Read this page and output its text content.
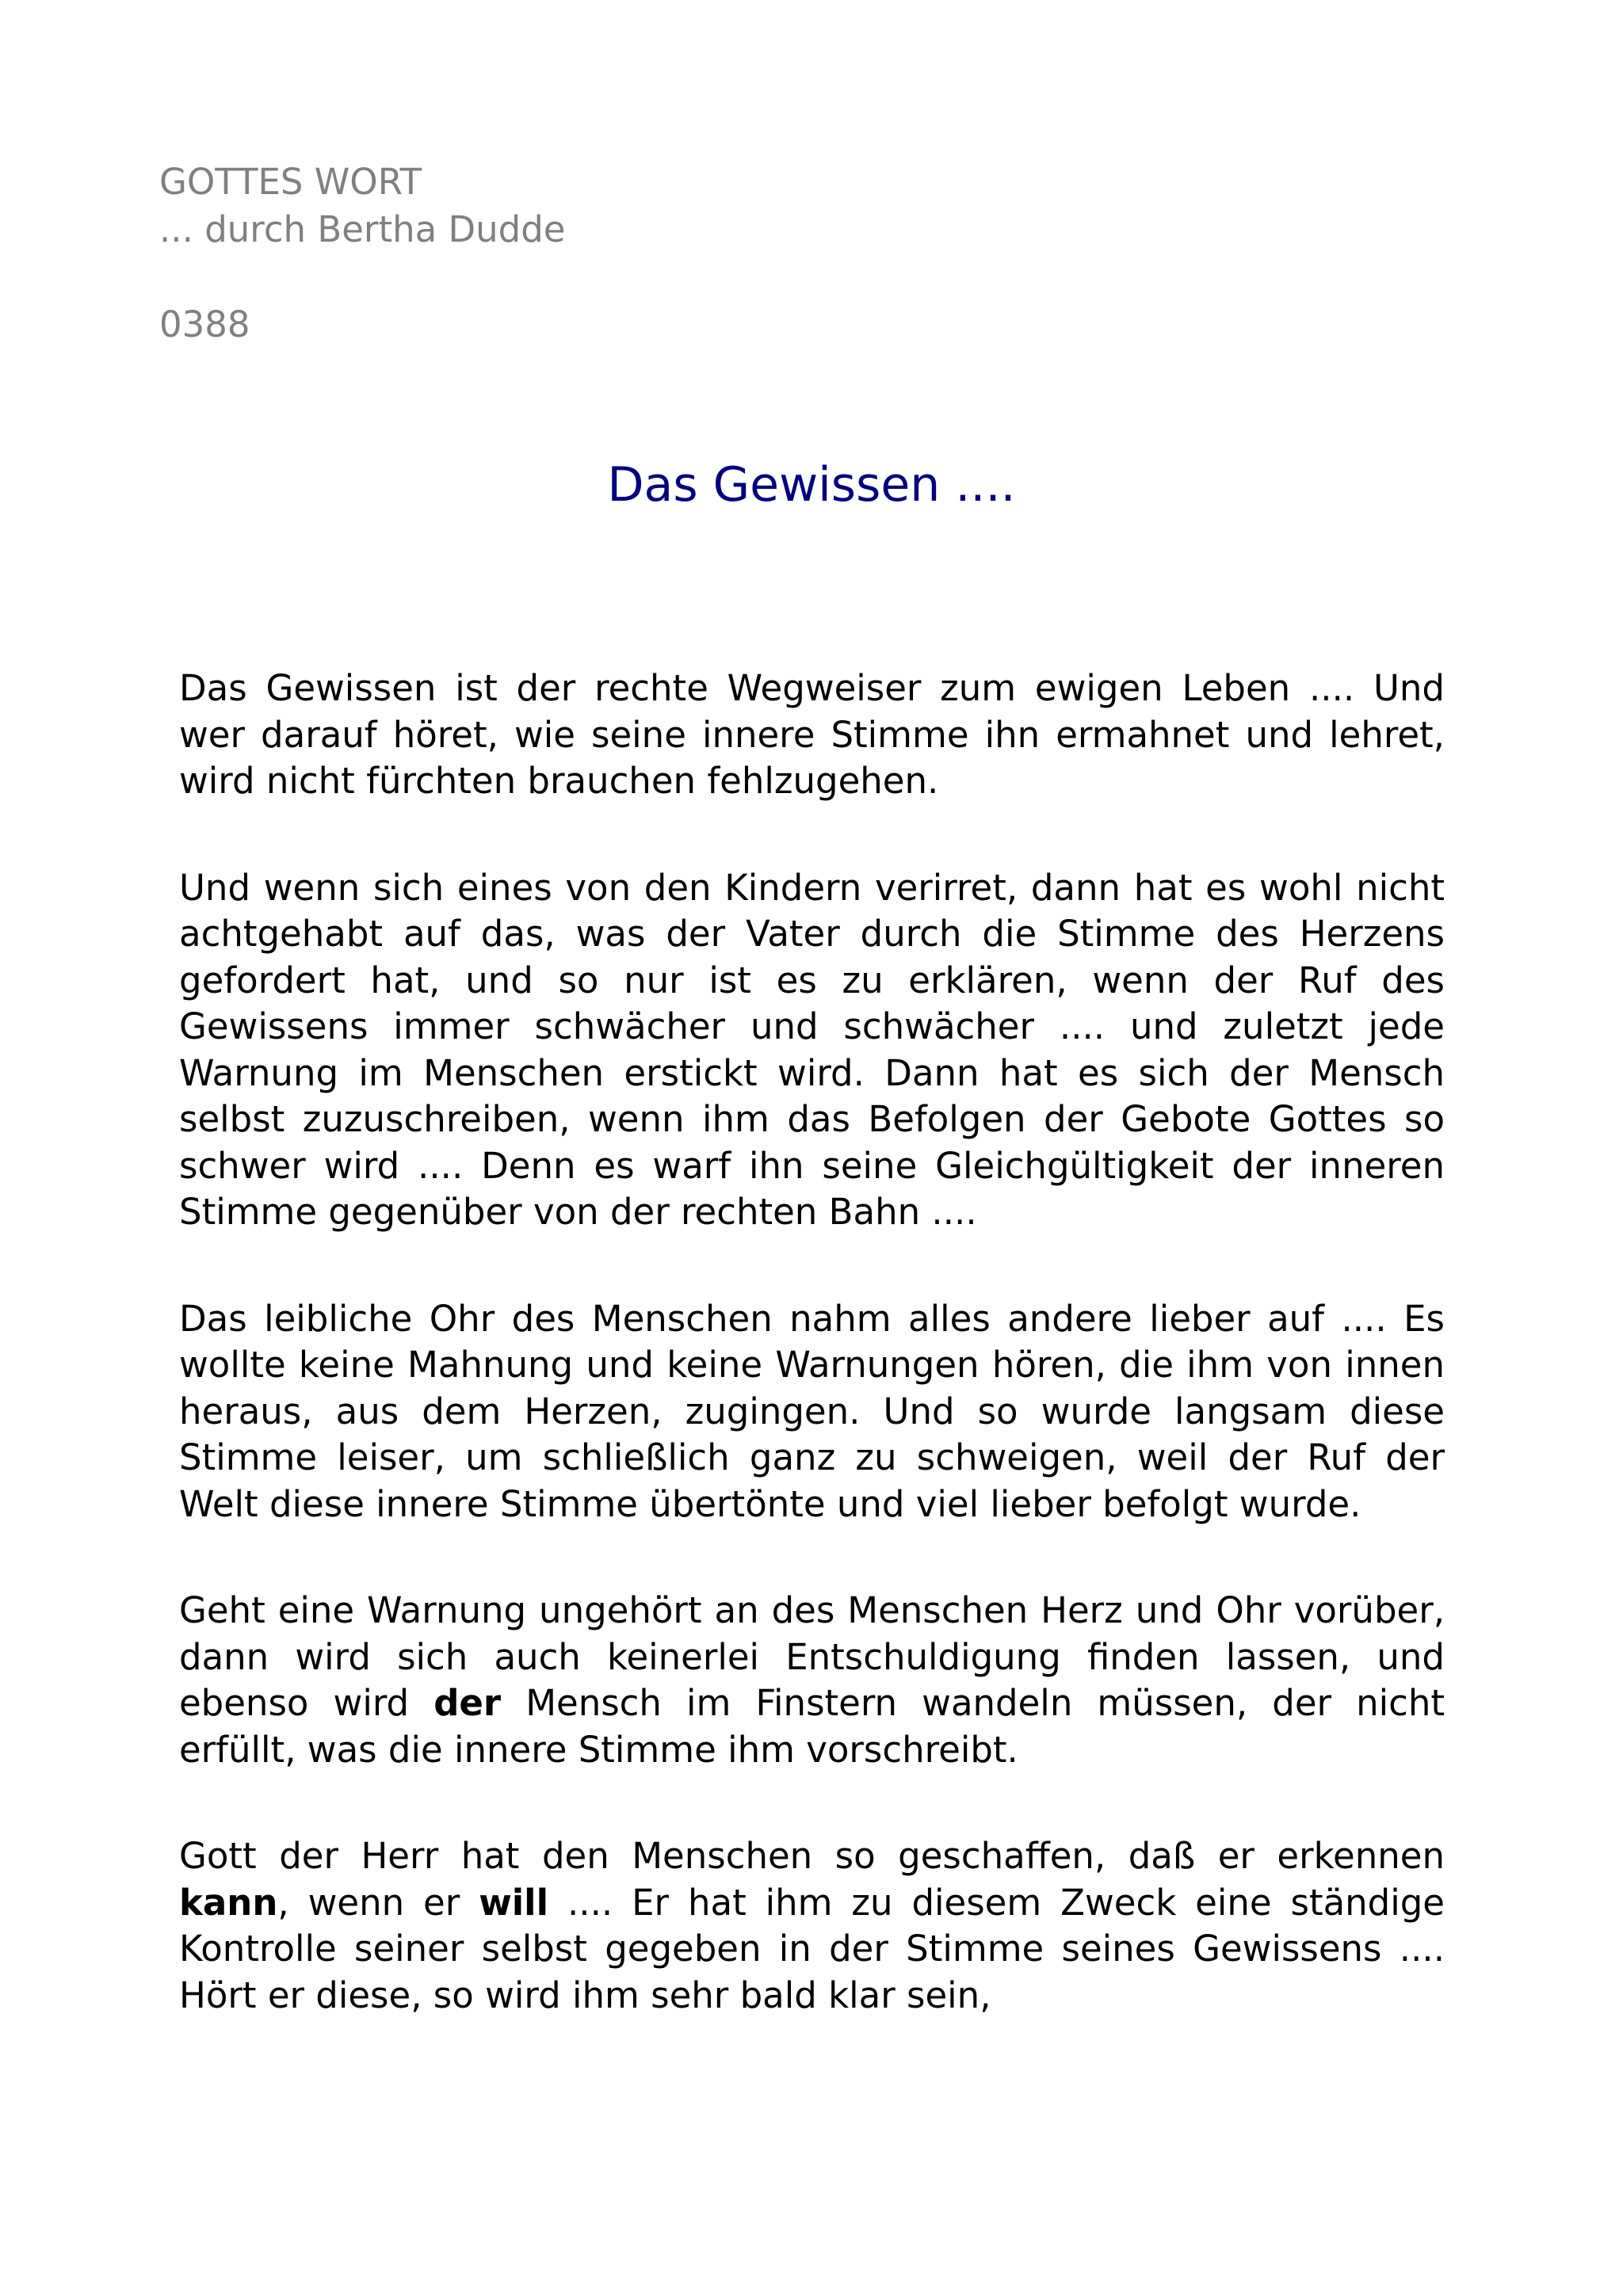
GOTTES WORT
... durch Bertha Dudde
0388
Das Gewissen ....

Das Gewissen ist der rechte Wegweiser zum ewigen Leben .... Und wer darauf höret, wie seine innere Stimme ihn ermahnet und lehret, wird nicht fürchten brauchen fehlzugehen.

Und wenn sich eines von den Kindern verirret, dann hat es wohl nicht achtgehabt auf das, was der Vater durch die Stimme des Herzens gefordert hat, und so nur ist es zu erklären, wenn der Ruf des Gewissens immer schwächer und schwächer .... und zuletzt jede Warnung im Menschen erstickt wird. Dann hat es sich der Mensch selbst zuzuschreiben, wenn ihm das Befolgen der Gebote Gottes so schwer wird .... Denn es warf ihn seine Gleichgültigkeit der inneren Stimme gegenüber von der rechten Bahn ....

Das leibliche Ohr des Menschen nahm alles andere lieber auf .... Es wollte keine Mahnung und keine Warnungen hören, die ihm von innen heraus, aus dem Herzen, zugingen. Und so wurde langsam diese Stimme leiser, um schließlich ganz zu schweigen, weil der Ruf der Welt diese innere Stimme übertönte und viel lieber befolgt wurde.

Geht eine Warnung ungehört an des Menschen Herz und Ohr vorüber, dann wird sich auch keinerlei Entschuldigung finden lassen, und ebenso wird der Mensch im Finstern wandeln müssen, der nicht erfüllt, was die innere Stimme ihm vorschreibt.

Gott der Herr hat den Menschen so geschaffen, daß er erkennen kann, wenn er will .... Er hat ihm zu diesem Zweck eine ständige Kontrolle seiner selbst gegeben in der Stimme seines Gewissens .... Hört er diese, so wird ihm sehr bald klar sein,
